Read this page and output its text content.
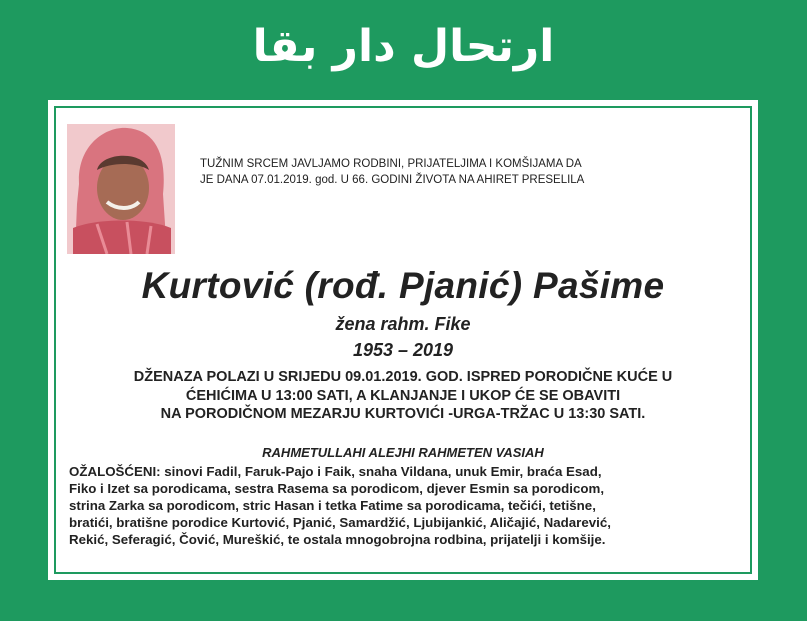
ارتحال دار بقا
TUŽNIM SRCEM JAVLJAMO RODBINI, PRIJATELJIMA I KOMŠIJAMA DA
JE DANA 07.01.2019. god. U 66. GODINI ŽIVOTA NA AHIRET PRESELILA
Kurtović (rođ. Pjanić) Pašime
žena rahm. Fike
1953 – 2019
DŽENAZA POLAZI U SRIJEDU 09.01.2019. GOD. ISPRED PORODIČNE KUĆE U
ĆEHIĆIMA U 13:00 SATI, A KLANJANJE I UKOP ĆE SE OBAVITI
NA PORODIČNOM MEZARJU KURTOVIĆI -URGA-TRŽAC U 13:30 SATI.
RAHMETULLAHI ALEJHI RAHMETEN VASIAH
OŽALOŠĆENI: sinovi Fadil, Faruk-Pajo i Faik, snaha Vildana, unuk Emir, braća Esad,
Fiko i Izet sa porodicama, sestra Rasema sa porodicom, djever Esmin sa porodicom,
strina Zarka sa porodicom, stric Hasan i tetka Fatime sa porodicama, tečići, tetišne,
bratići, bratišne porodice Kurtović, Pjanić, Samardžić, Ljubijankić, Aličajić, Nadarević,
Rekić, Seferagić, Čović, Mureškić, te ostala mnogobrojna rodbina, prijatelji i komšije.
